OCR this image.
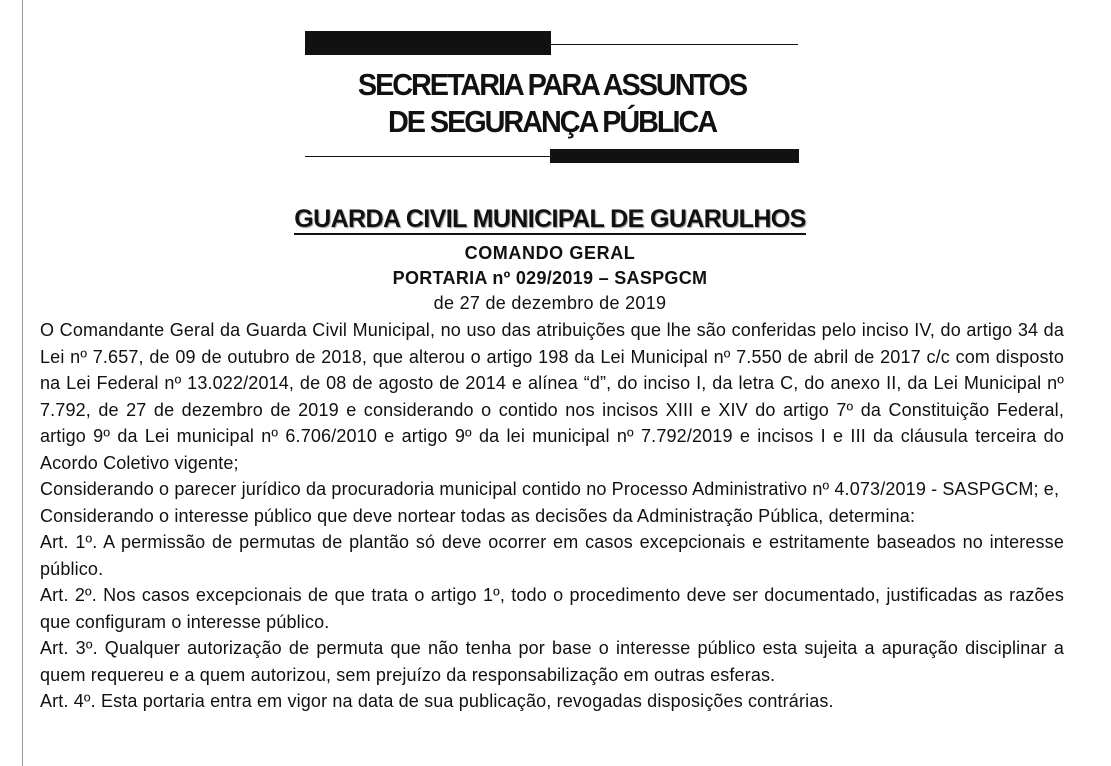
SECRETARIA PARA ASSUNTOS
DE SEGURANÇA PÚBLICA
GUARDA CIVIL MUNICIPAL DE GUARULHOS
COMANDO GERAL
PORTARIA nº 029/2019 – SASPGCM
de 27 de dezembro de 2019

O Comandante Geral da Guarda Civil Municipal, no uso das atribuições que lhe são conferidas pelo inciso IV, do artigo 34 da Lei nº 7.657, de 09 de outubro de 2018, que alterou o artigo 198 da Lei Municipal nº 7.550 de abril de 2017 c/c com disposto na Lei Federal nº 13.022/2014, de 08 de agosto de 2014 e alínea “d”, do inciso I, da letra C, do anexo II, da Lei Municipal nº 7.792, de 27 de dezembro de 2019 e considerando o contido nos incisos XIII e XIV do artigo 7º da Constituição Federal, artigo 9º da Lei municipal nº 6.706/2010 e artigo 9º da lei municipal nº 7.792/2019 e incisos I e III da cláusula terceira do Acordo Coletivo vigente;

Considerando o parecer jurídico da procuradoria municipal contido no Processo Administrativo nº 4.073/2019 - SASPGCM; e,

Considerando o interesse público que deve nortear todas as decisões da Administração Pública, determina:

Art. 1º. A permissão de permutas de plantão só deve ocorrer em casos excepcionais e estritamente baseados no interesse público.

Art. 2º. Nos casos excepcionais de que trata o artigo 1º, todo o procedimento deve ser documentado, justificadas as razões que configuram o interesse público.

Art. 3º. Qualquer autorização de permuta que não tenha por base o interesse público esta sujeita a apuração disciplinar a quem requereu e a quem autorizou, sem prejuízo da responsabilização em outras esferas.

Art. 4º. Esta portaria entra em vigor na data de sua publicação, revogadas disposições contrárias.
